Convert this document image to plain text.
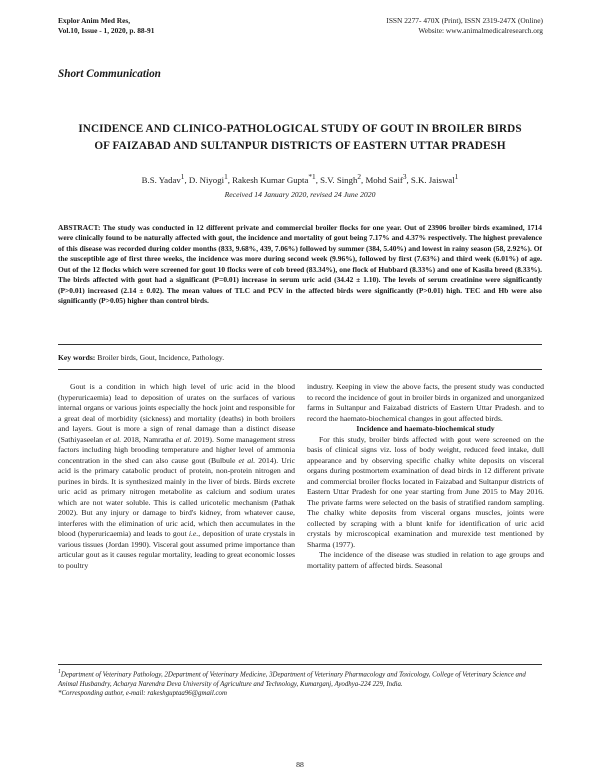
Explor Anim Med Res,
Vol.10, Issue - 1, 2020, p. 88-91
ISSN 2277- 470X (Print), ISSN 2319-247X (Online)
Website: www.animalmedicalresearch.org
Short Communication
INCIDENCE AND CLINICO-PATHOLOGICAL STUDY OF GOUT IN BROILER BIRDS
OF FAIZABAD AND SULTANPUR DISTRICTS OF EASTERN UTTAR PRADESH
B.S. Yadav$^1$, D. Niyogi$^1$, Rakesh Kumar Gupta$^{*1}$, S.V. Singh$^2$, Mohd Saif$^3$, S.K. Jaiswal$^1$
Received 14 January 2020, revised 24 June 2020
ABSTRACT: The study was conducted in 12 different private and commercial broiler flocks for one year. Out of 23906 broiler birds examined, 1714 were clinically found to be naturally affected with gout, the incidence and mortality of gout being 7.17% and 4.37% respectively. The highest prevalence of this disease was recorded during colder months (833, 9.68%, 439, 7.06%) followed by summer (384, 5.40%) and lowest in rainy season (58, 2.92%). Of the susceptible age of first three weeks, the incidence was more during second week (9.96%), followed by first (7.63%) and third week (6.01%) of age. Out of the 12 flocks which were screened for gout 10 flocks were of cob breed (83.34%), one flock of Hubbard (8.33%) and one of Kasila breed (8.33%). The birds affected with gout had a significant (P=0.01) increase in serum uric acid (34.42 ± 1.10). The levels of serum creatinine were significantly (P>0.01) increased (2.14 ± 0.02). The mean values of TLC and PCV in the affected birds were significantly (P>0.01) high. TEC and Hb were also significantly (P>0.05) higher than control birds.
Key words: Broiler birds, Gout, Incidence, Pathology.

Gout is a condition in which high level of uric acid in the blood (hyperuricaemia) lead to deposition of urates on the surfaces of various internal organs or various joints especially the hock joint and responsible for a great deal of morbidity (sickness) and mortality (deaths) in both broilers and layers. Gout is more a sign of renal damage than a distinct disease (Sathiyaseelan et al. 2018, Namratha et al. 2019). Some management stress factors including high brooding temperature and higher level of ammonia concentration in the shed can also cause gout (Bulbule et al. 2014). Uric acid is the primary catabolic product of protein, non-protein nitrogen and purines in birds. It is synthesized mainly in the liver of birds. Birds excrete uric acid as primary nitrogen metabolite as calcium and sodium urates which are not water soluble. This is called uricotelic mechanism (Pathak 2002). But any injury or damage to bird's kidney, from whatever cause, interferes with the elimination of uric acid, which then accumulates in the blood (hyperuricaemia) and leads to gout i.e., deposition of urate crystals in various tissues (Jordan 1990). Visceral gout assumed prime importance than articular gout as it causes regular mortality, leading to great economic losses to poultry

industry. Keeping in view the above facts, the present study was conducted to record the incidence of gout in broiler birds in organized and unorganized farms in Sultanpur and Faizabad districts of Eastern Uttar Pradesh. and to record the haemato-biochemical changes in gout affected birds.

Incidence and haemato-biochemical study

For this study, broiler birds affected with gout were screened on the basis of clinical signs viz. loss of body weight, reduced feed intake, dull appearance and by observing specific chalky white deposits on visceral organs during postmortem examination of dead birds in 12 different private and commercial broiler flocks located in Faizabad and Sultanpur districts of Eastern Uttar Pradesh for one year starting from June 2015 to May 2016. The private farms were selected on the basis of stratified random sampling. The chalky white deposits from visceral organs muscles, joints were collected by scraping with a blunt knife for identification of uric acid crystals by microscopical examination and murexide test mentioned by Sharma (1977).

The incidence of the disease was studied in relation to age groups and mortality pattern of affected birds. Seasonal

$^1$Department of Veterinary Pathology, 2Department of Veterinary Medicine, 3Department of Veterinary Pharmacology and Toxicology, College of Veterinary Science and Animal Husbandry, Acharya Narendra Deva University of Agriculture and Technology, Kumarganj, Ayodhya-224 229, India.
*Corresponding author, e-mail: rakeshguptaa96@gmail.com
88
